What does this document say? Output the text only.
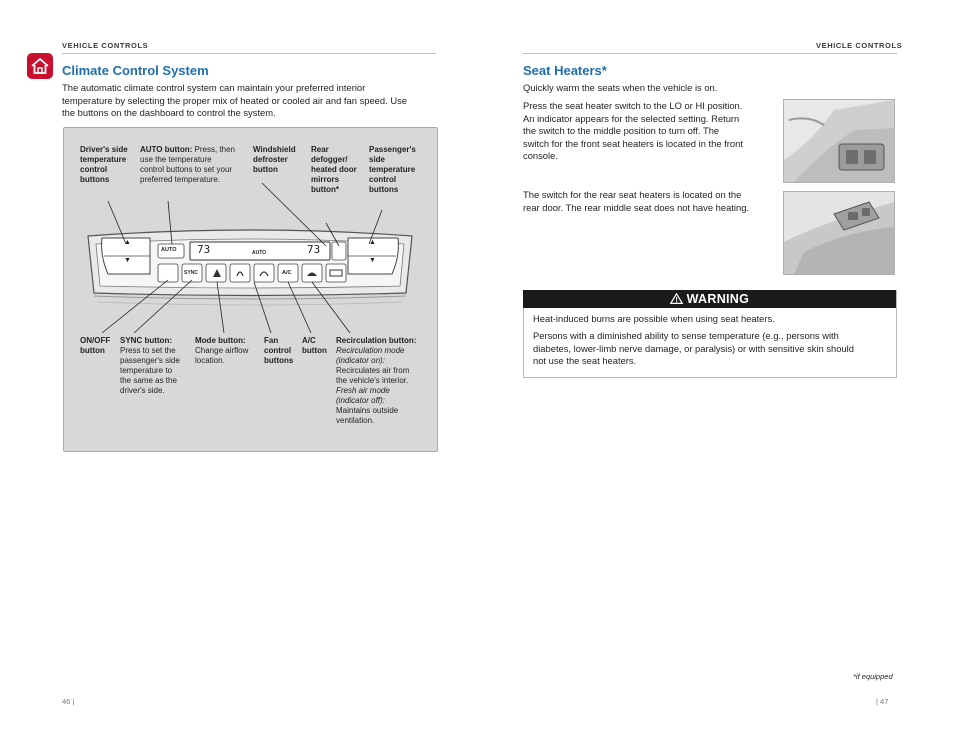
VEHICLE CONTROLS
Climate Control System
The automatic climate control system can maintain your preferred interior
temperature by selecting the proper mix of heated or cooled air and fan speed. Use
the buttons on the dashboard to control the system.
▲
▼
▲
▼
AUTO 73	AUTO	73
SYNC	A/C
Driver's side
temperature
control
buttons
AUTO button: Press, then
use the temperature
control buttons to set your
preferred temperature.
Windshield
defroster
button
Rear
defogger/
heated door
mirrors
button*
Passenger's
side
temperature
control
buttons
ON/OFF
button
SYNC button:
Press to set the
passenger's side
temperature to
the same as the
driver's side.
Mode button:
Change airflow
location.
Fan
control
buttons
A/C
button
Recirculation button:
Recirculation mode
(indicator on):
Recirculates air from
the vehicle's interior.
Fresh air mode
(indicator off):
Maintains outside
ventilation.
46 |
VEHICLE CONTROLS
Seat Heaters*
Quickly warm the seats when the vehicle is on.
Press the seat heater switch to the LO or HI position.
An indicator appears for the selected setting. Return
the switch to the middle position to turn off. The
switch for the front seat heaters is located in the front
console.
The switch for the rear seat heaters is located on the
rear door. The rear middle seat does not have heating.
WARNING
Heat-induced burns are possible when using seat heaters.
Persons with a diminished ability to sense temperature (e.g., persons with
diabetes, lower-limb nerve damage, or paralysis) or with sensitive skin should
not use the seat heaters.
*if equipped
| 47
